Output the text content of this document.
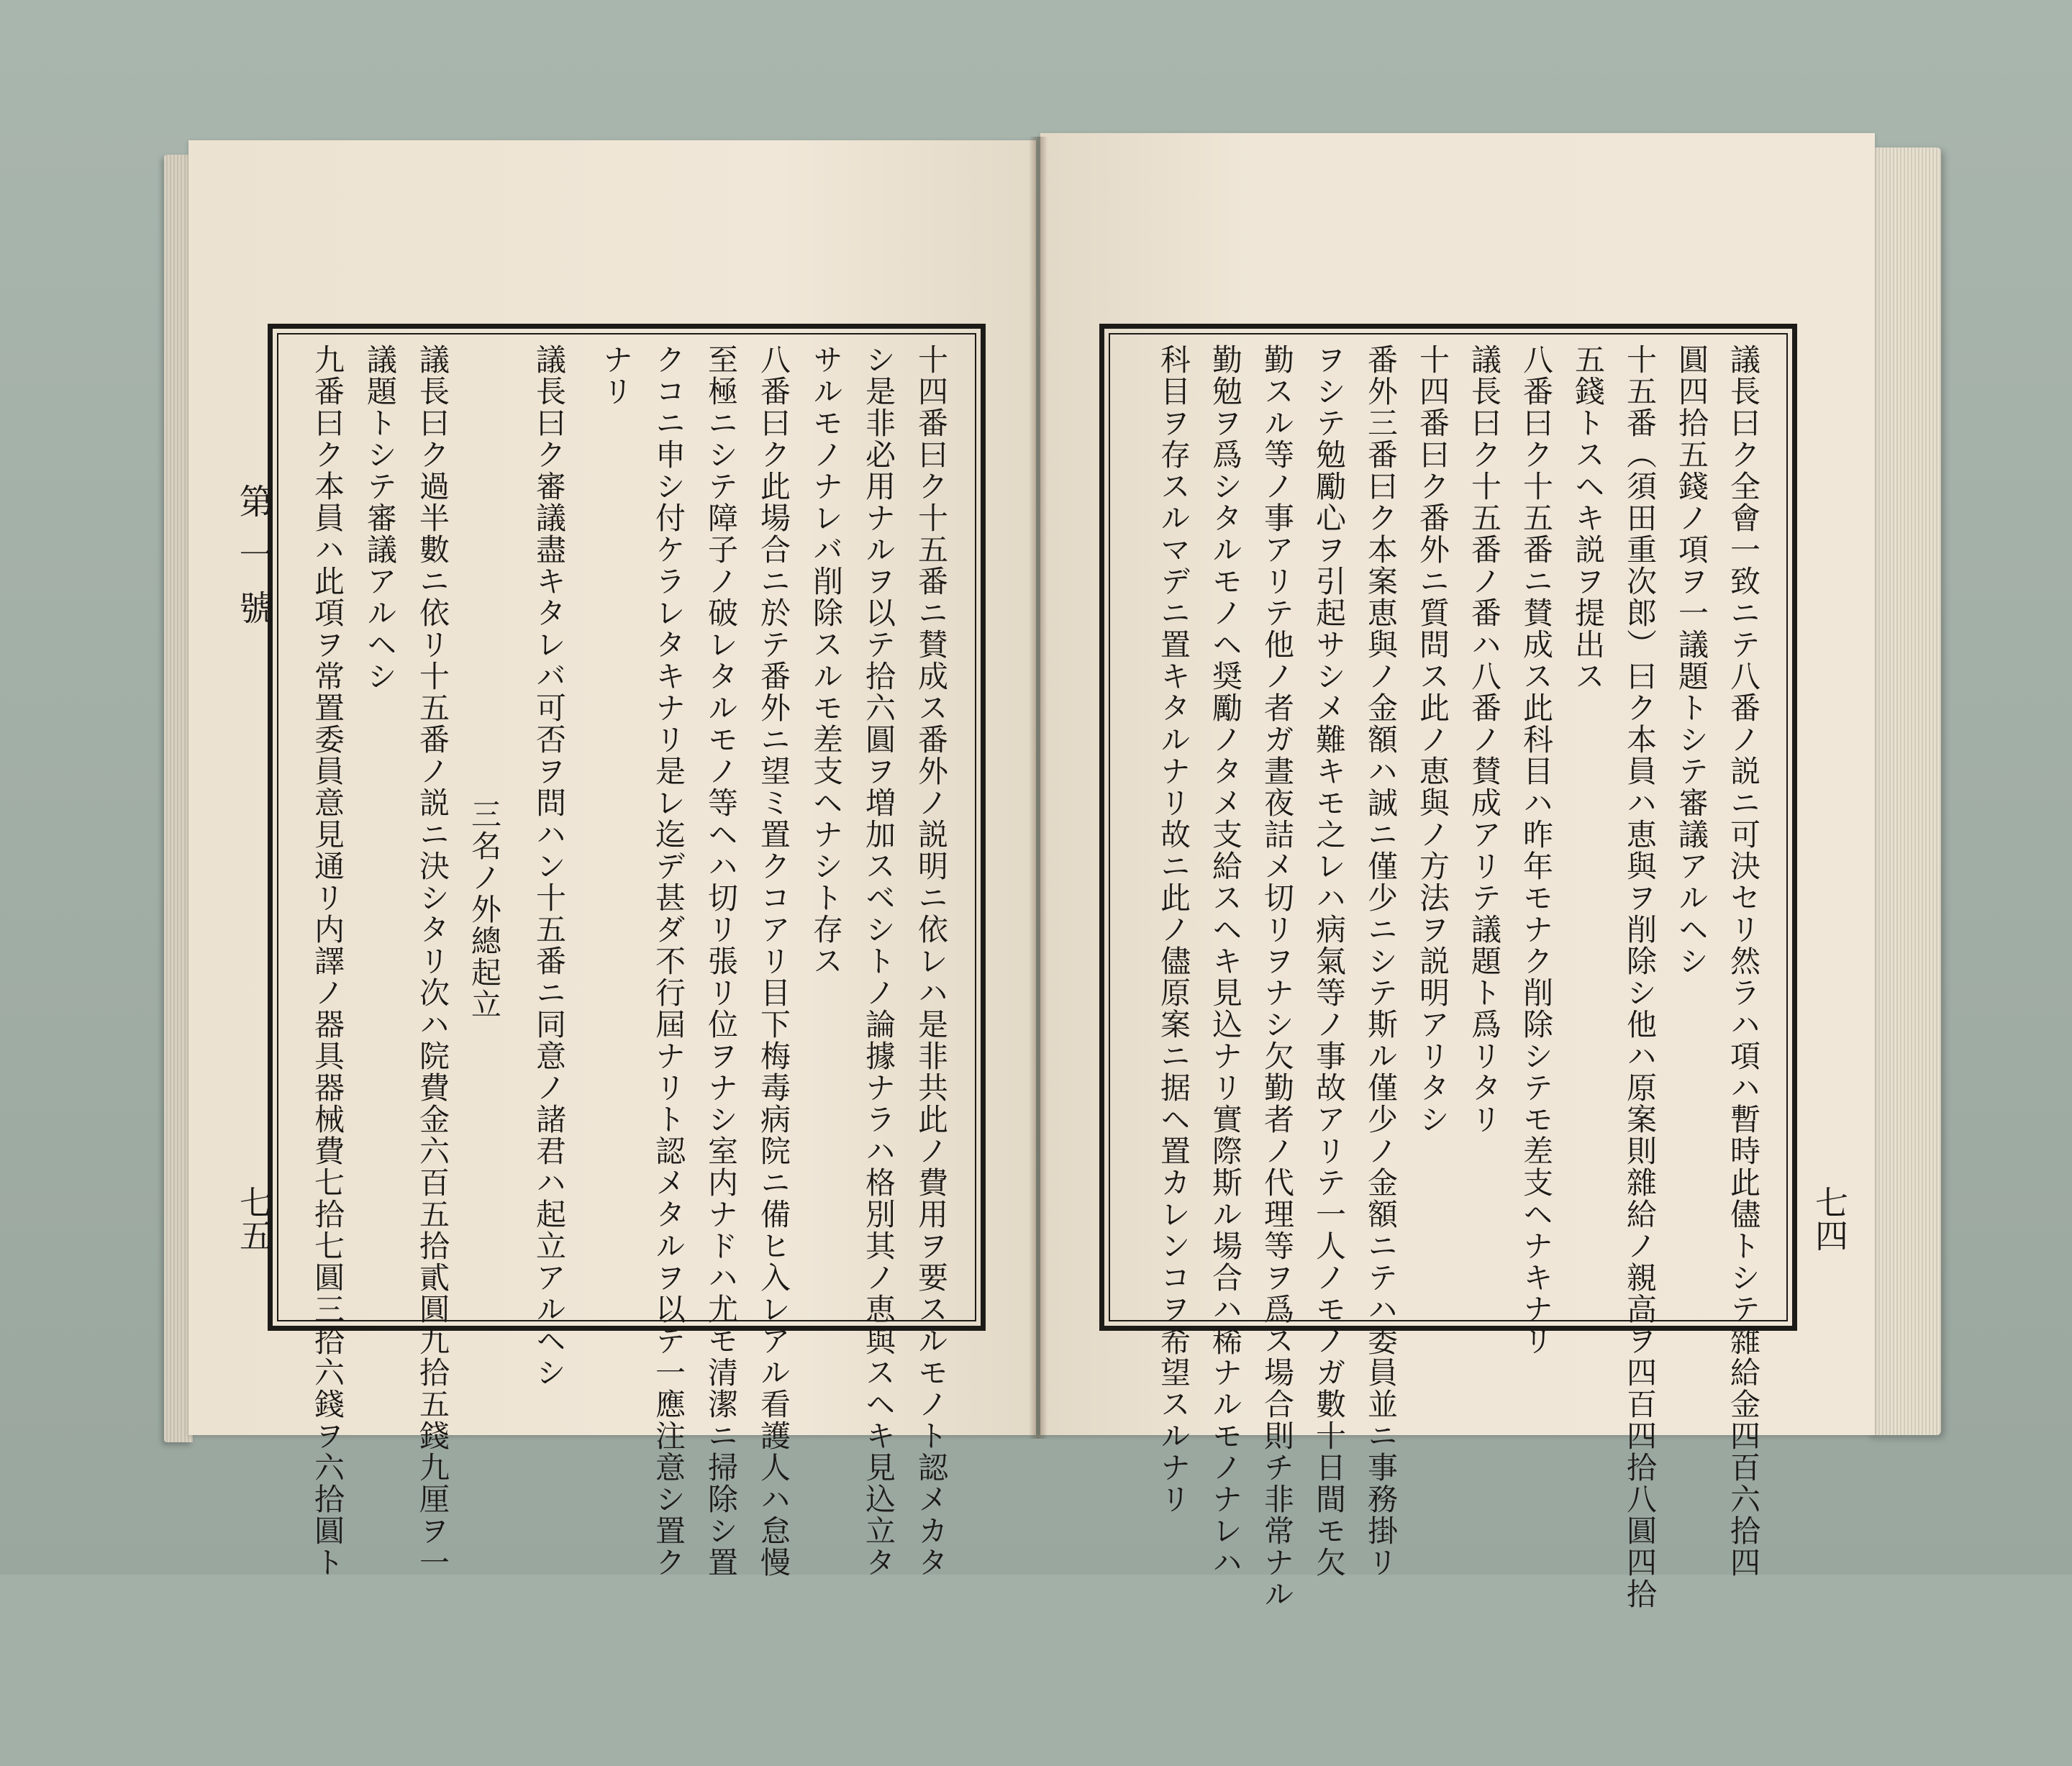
第一號
七五	十四番曰ク十五番ニ賛成ス番外ノ説明ニ依レハ是非共此ノ費用ヲ要スルモノト認メカタ
シ是非必用ナルヲ以テ拾六圓ヲ増加スベシトノ論據ナラハ格別其ノ恵與スヘキ見込立タ
サルモノナレバ削除スルモ差支ヘナシト存ス
八番曰ク此場合ニ於テ番外ニ望ミ置クコアリ目下梅毒病院ニ備ヒ入レアル看護人ハ怠慢
至極ニシテ障子ノ破レタルモノ等ヘハ切リ張リ位ヲナシ室内ナドハ尤モ清潔ニ掃除シ置
クコニ申シ付ケラレタキナリ是レ迄デ甚ダ不行屆ナリト認メタルヲ以テ一應注意シ置ク
ナリ
議長曰ク審議盡キタレバ可否ヲ問ハン十五番ニ同意ノ諸君ハ起立アルヘシ
三名ノ外總起立
議長曰ク過半數ニ依リ十五番ノ説ニ決シタリ次ハ院費金六百五拾貳圓九拾五錢九厘ヲ一
議題トシテ審議アルヘシ
九番曰ク本員ハ此項ヲ常置委員意見通リ内譯ノ器具器械費七拾七圓三拾六錢ヲ六拾圓ト	七四
議長曰ク全會一致ニテ八番ノ説ニ可決セリ然ラハ項ハ暫時此儘トシテ雜給金四百六拾四
圓四拾五錢ノ項ヲ一議題トシテ審議アルヘシ
十五番（須田重次郎）曰ク本員ハ恵與ヲ削除シ他ハ原案則雜給ノ親高ヲ四百四拾八圓四拾
五錢トスヘキ説ヲ提出ス
八番曰ク十五番ニ賛成ス此科目ハ昨年モナク削除シテモ差支ヘナキナリ
議長曰ク十五番ノ番ハ八番ノ賛成アリテ議題ト爲リタリ
十四番曰ク番外ニ質問ス此ノ恵與ノ方法ヲ説明アリタシ
番外三番曰ク本案恵與ノ金額ハ誠ニ僅少ニシテ斯ル僅少ノ金額ニテハ委員並ニ事務掛リ
ヲシテ勉勵心ヲ引起サシメ難キモ之レハ病氣等ノ事故アリテ一人ノモノガ數十日間モ欠
勤スル等ノ事アリテ他ノ者ガ晝夜詰メ切リヲナシ欠勤者ノ代理等ヲ爲ス場合則チ非常ナル
勤勉ヲ爲シタルモノヘ奨勵ノタメ支給スヘキ見込ナリ實際斯ル場合ハ稀ナルモノナレハ
科目ヲ存スルマデニ置キタルナリ故ニ此ノ儘原案ニ据ヘ置カレンコヲ希望スルナリ
